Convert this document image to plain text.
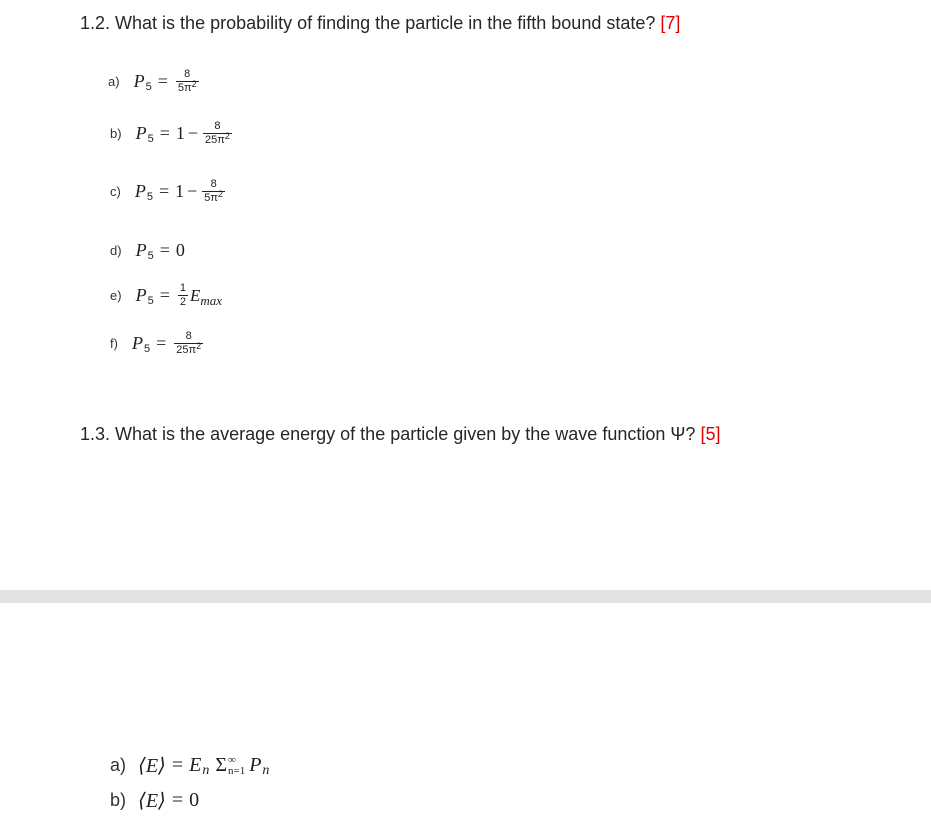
1.2. What is the probability of finding the particle in the fifth bound state? [7]
a) P $5 = \frac{8}{5\pi^2}$
b) P $5 = 1 - \frac{8}{25\pi^2}$
c) P $5 = 1 - \frac{8}{5\pi^2}$
d) P 5 = 0
e) P $5 = \frac{1}{2} E_{max}$
f) P $5 = \frac{8}{25\pi^2}$
1.3. What is the average energy of the particle given by the wave function Ψ? [5]
a) ⟨E⟩ = E n Σ ∞
n=1 P n
b) ⟨E⟩ = 0
